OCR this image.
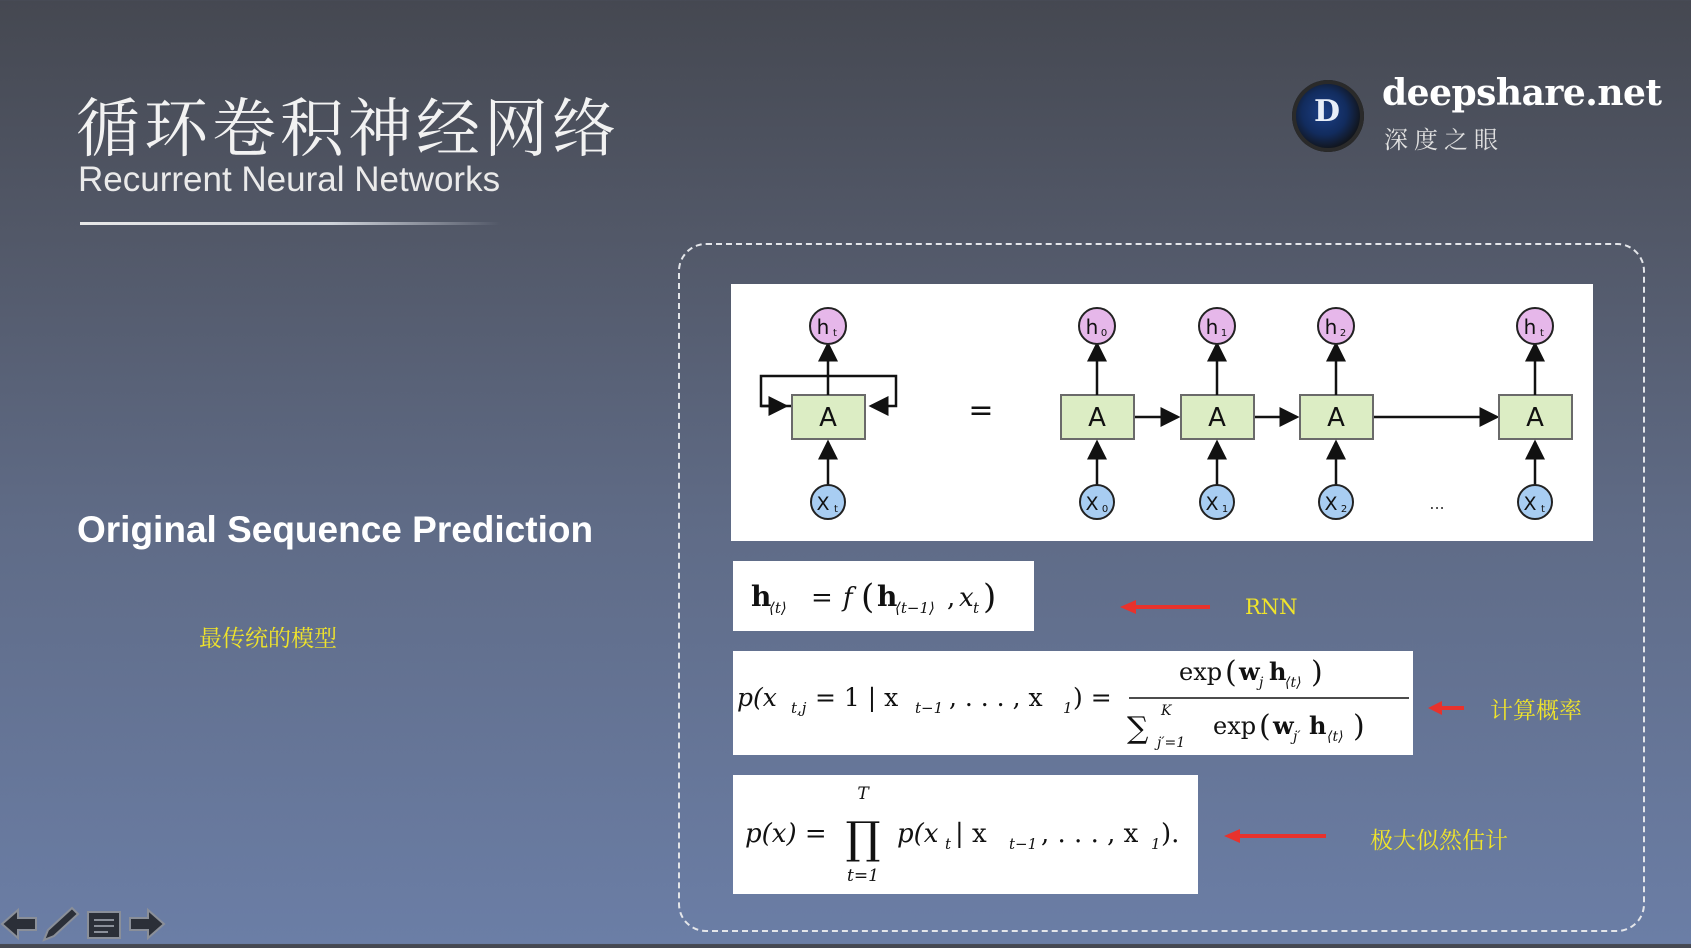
循环卷积神经网络
Recurrent Neural Networks
D deepshare.net
深度之眼
Original Sequence Prediction
最传统的模型
A
h t
X t
=	A
h 0
X 0
A
h 1
X 1
A
h 2
X 2	...
A
h t
X t
h
⟨t⟩ = f ( h
⟨t−1⟩ , x t )
p(x t,j = 1 | x t−1 , . . . , x 1 ) =
exp ( w j h
⟨t⟩ )
∑ K
j′=1
exp ( w j′ h ⟨t⟩ )
p(x) =
T
∏
t=1
p(x t | x t−1 , . . . , x 1 ).
RNN
计算概率
极大似然估计
